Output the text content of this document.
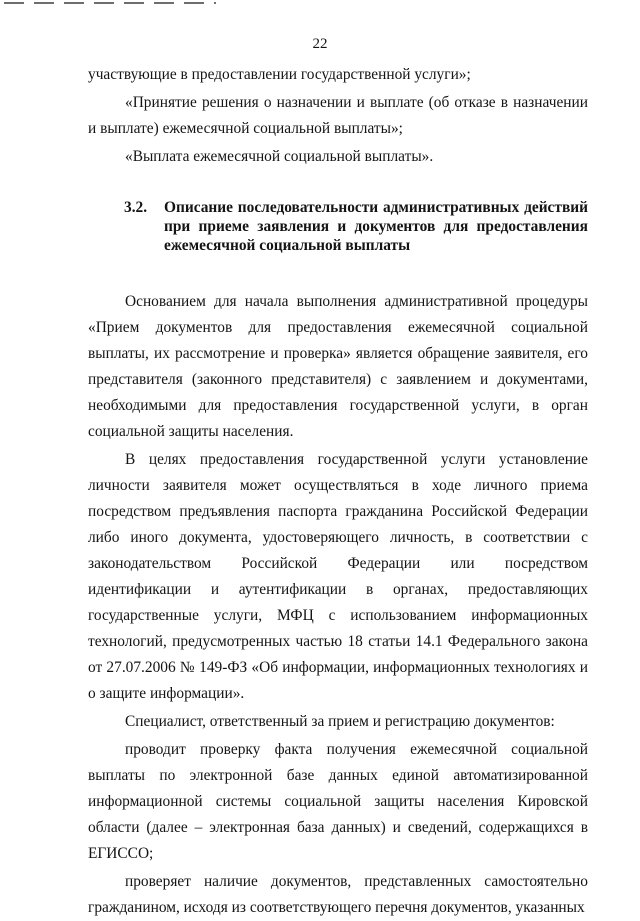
22

участвующие в предоставлении государственной услуги»;

«Принятие решения о назначении и выплате (об отказе в назначении и выплате) ежемесячной социальной выплаты»;

«Выплата ежемесячной социальной выплаты».

3.2.	Описание последовательности административных действий при приеме заявления и документов для предоставления ежемесячной социальной выплаты

Основанием для начала выполнения административной процедуры «Прием документов для предоставления ежемесячной социальной выплаты, их рассмотрение и проверка» является обращение заявителя, его представителя (законного представителя) с заявлением и документами, необходимыми для предоставления государственной услуги, в орган социальной защиты населения.

В целях предоставления государственной услуги установление личности заявителя может осуществляться в ходе личного приема посредством предъявления паспорта гражданина Российской Федерации либо иного документа, удостоверяющего личность, в соответствии с законодательством Российской Федерации или посредством идентификации и аутентификации в органах, предоставляющих государственные услуги, МФЦ с использованием информационных технологий, предусмотренных частью 18 статьи 14.1 Федерального закона от 27.07.2006 № 149-ФЗ «Об информации, информационных технологиях и о защите информации».

Специалист, ответственный за прием и регистрацию документов:

проводит проверку факта получения ежемесячной социальной выплаты по электронной базе данных единой автоматизированной информационной системы социальной защиты населения Кировской области (далее – электронная база данных) и сведений, содержащихся в ЕГИССО;

проверяет наличие документов, представленных самостоятельно гражданином, исходя из соответствующего перечня документов, указанных
